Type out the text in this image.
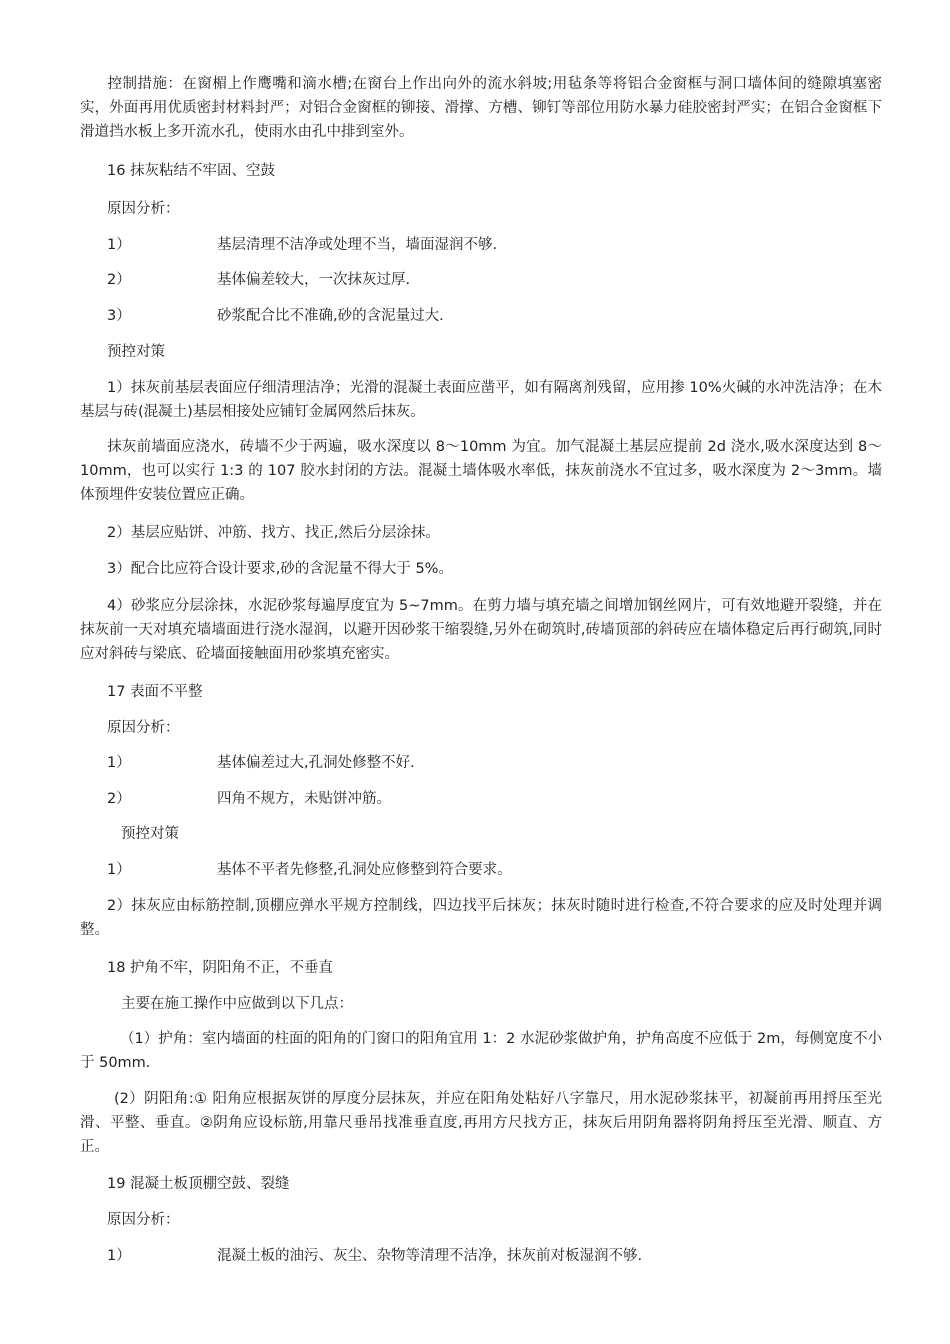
控制措施：在窗楣上作鹰嘴和滴水槽;在窗台上作出向外的流水斜坡;用毡条等将铝合金窗框与洞口墙体间的缝隙填塞密实，外面再用优质密封材料封严；对铝合金窗框的铆接、滑撑、方槽、铆钉等部位用防水暴力硅胶密封严实；在铝合金窗框下滑道挡水板上多开流水孔，使雨水由孔中排到室外。
16 抹灰粘结不牢固、空鼓
原因分析：
1）	基层清理不洁净或处理不当，墙面湿润不够.
2）	基体偏差较大，一次抹灰过厚.
3）	砂浆配合比不准确,砂的含泥量过大.
预控对策
1）抹灰前基层表面应仔细清理洁净；光滑的混凝土表面应凿平，如有隔离剂残留，应用掺 10%火碱的水冲洗洁净；在木基层与砖(混凝土)基层相接处应铺钉金属网然后抹灰。
抹灰前墙面应浇水，砖墙不少于两遍，吸水深度以 8～10mm 为宜。加气混凝土基层应提前 2d 浇水,吸水深度达到 8～10mm，也可以实行 1:3 的 107 胶水封闭的方法。混凝土墙体吸水率低，抹灰前浇水不宜过多，吸水深度为 2～3mm。墙体预埋件安装位置应正确。
2）基层应贴饼、冲筋、找方、找正,然后分层涂抹。
3）配合比应符合设计要求,砂的含泥量不得大于 5%。
4）砂浆应分层涂抹，水泥砂浆每遍厚度宜为 5~7mm。在剪力墙与填充墙之间增加钢丝网片，可有效地避开裂缝，并在抹灰前一天对填充墙墙面进行浇水湿润，以避开因砂浆干缩裂缝,另外在砌筑时,砖墙顶部的斜砖应在墙体稳定后再行砌筑,同时应对斜砖与梁底、砼墙面接触面用砂浆填充密实。
17 表面不平整
原因分析：
1）	基体偏差过大,孔洞处修整不好.
2）	四角不规方，未贴饼冲筋。
预控对策
1）	基体不平者先修整,孔洞处应修整到符合要求。
2）抹灰应由标筋控制,顶棚应弹水平规方控制线，四边找平后抹灰；抹灰时随时进行检查,不符合要求的应及时处理并调整。
18 护角不牢，阴阳角不正，不垂直
主要在施工操作中应做到以下几点：
（1）护角：室内墙面的柱面的阳角的门窗口的阳角宜用 1：2 水泥砂浆做护角，护角高度不应低于 2m，每侧宽度不小于 50mm.
(2）阴阳角:① 阳角应根据灰饼的厚度分层抹灰，并应在阳角处粘好八字靠尺，用水泥砂浆抹平，初凝前再用捋压至光滑、平整、垂直。②阴角应设标筋,用靠尺垂吊找准垂直度,再用方尺找方正，抹灰后用阴角器将阴角捋压至光滑、顺直、方正。
19 混凝土板顶棚空鼓、裂缝
原因分析：
1）	混凝土板的油污、灰尘、杂物等清理不洁净，抹灰前对板湿润不够.
